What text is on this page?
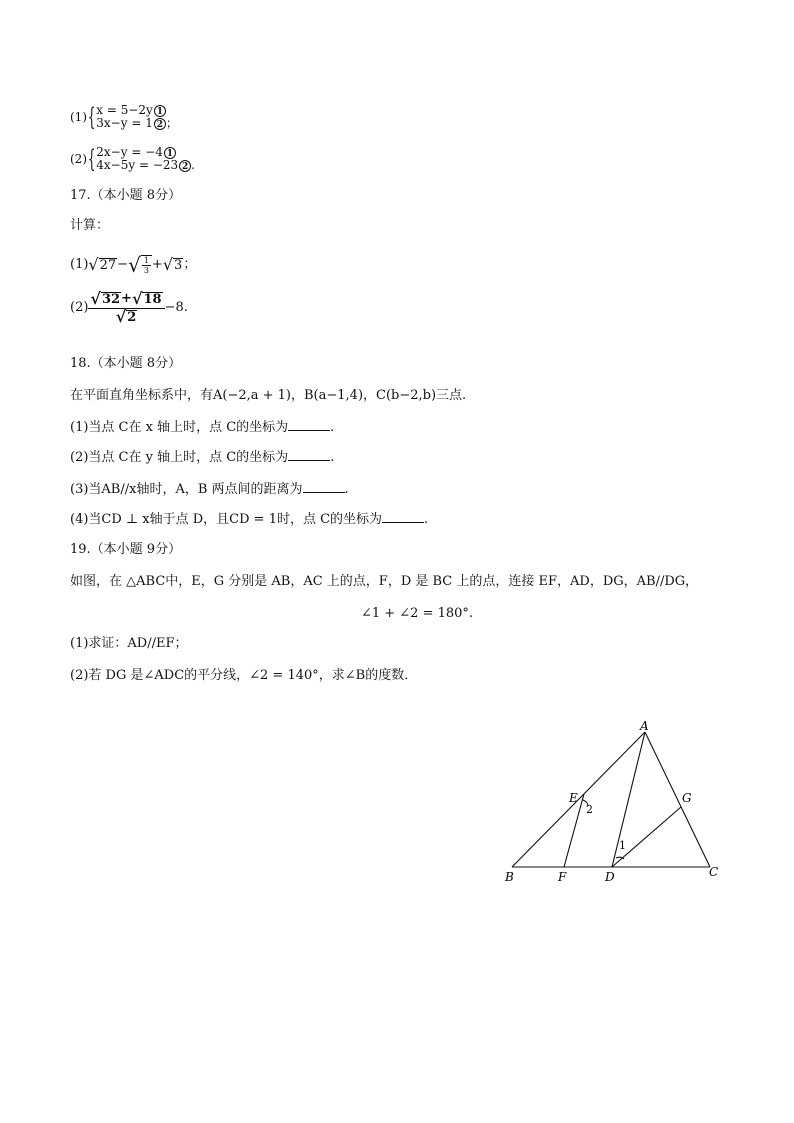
(1) { x = 5−2y 1
3x−y = 1 2 ；
(2) { 2x−y = −4 1
4x−5y = −23 2 .
17.（本小题 8分）
计算：
(1) √ 27 − √ $\frac{1}{3}$ + √ 3 ；
$(2) \frac{√ 32 + √ 18}{√ 2} -8$.
18.（本小题 8分）
在平面直角坐标系中，有A(−2,a + 1)，B(a−1,4)，C(b−2,b)三点.
(1)当点 C在 x 轴上时，点 C的坐标为	.
(2)当点 C在 y 轴上时，点 C的坐标为	.
(3)当AB//x轴时，A，B 两点间的距离为	.
(4)当CD ⊥ x轴于点 D，且CD = 1时，点 C的坐标为	.
19.（本小题 9分）
如图，在 △ABC中，E，G 分别是 AB，AC 上的点，F，D 是 BC 上的点，连接 EF，AD，DG，AB//DG，
∠1 + ∠2 = 180°.
(1)求证：AD//EF；
(2)若 DG 是∠ADC的平分线，∠2 = 140°，求∠B的度数．
A
B	C
D
E
F
G
1
2
